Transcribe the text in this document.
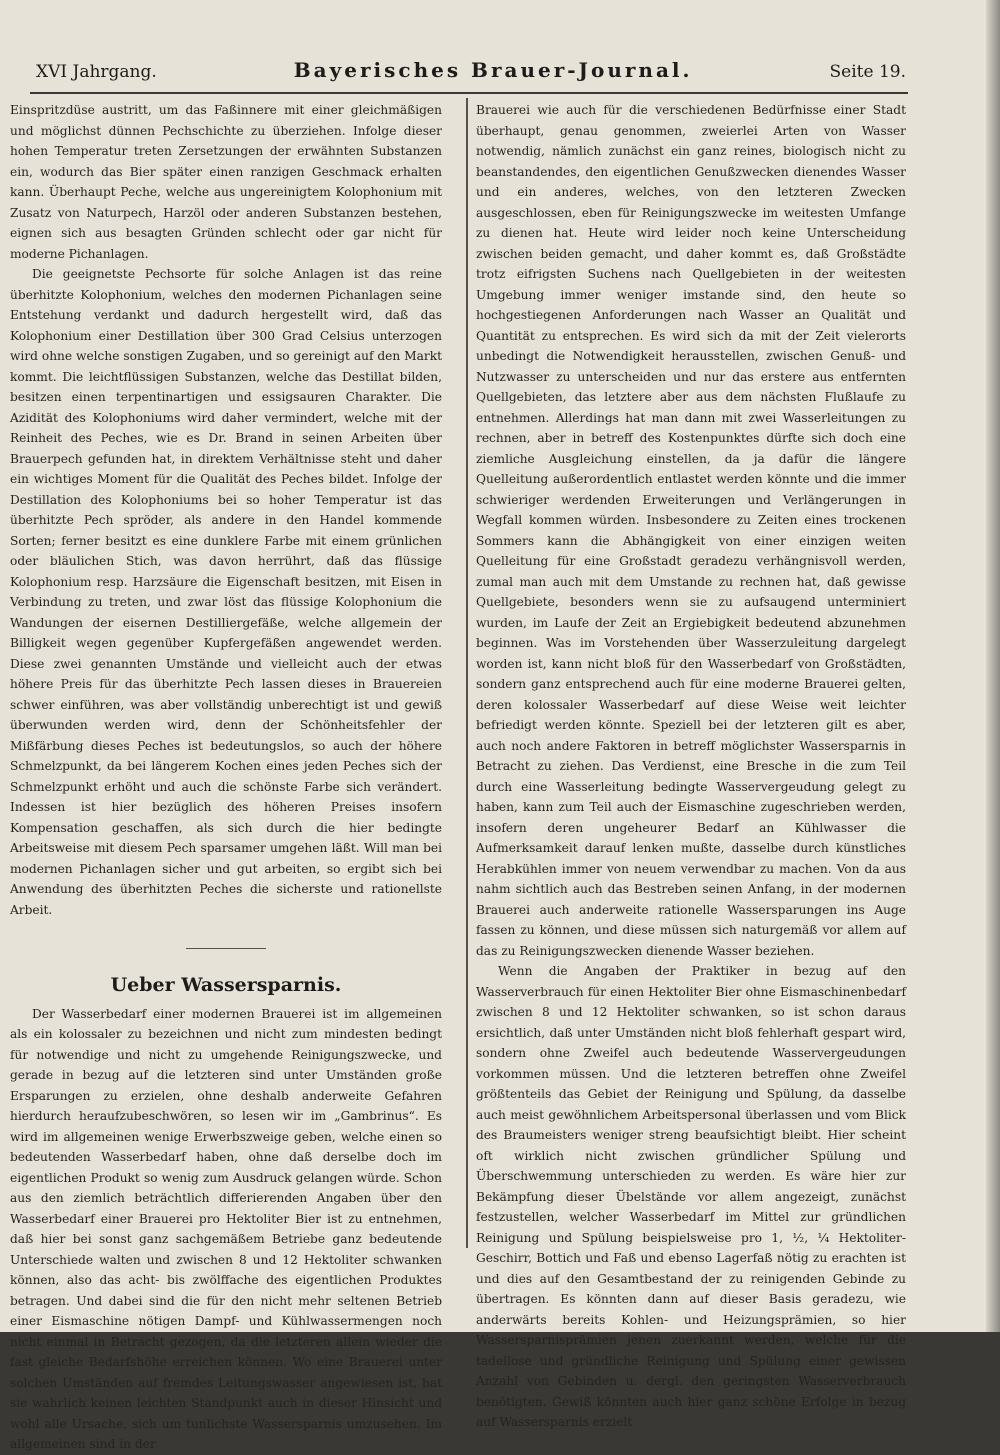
XVI Jahrgang.	Bayerisches Brauer-Journal.	Seite 19.

Einspritzdüse austritt, um das Faßinnere mit einer gleichmäßigen und möglichst dünnen Pechschichte zu überziehen. Infolge dieser hohen Temperatur treten Zersetzungen der erwähnten Substanzen ein, wodurch das Bier später einen ranzigen Geschmack erhalten kann. Überhaupt Peche, welche aus ungereinigtem Kolophonium mit Zusatz von Naturpech, Harzöl oder anderen Substanzen bestehen, eignen sich aus besagten Gründen schlecht oder gar nicht für moderne Pichanlagen.

Die geeignetste Pechsorte für solche Anlagen ist das reine überhitzte Kolophonium, welches den modernen Pichanlagen seine Entstehung verdankt und dadurch hergestellt wird, daß das Kolophonium einer Destillation über 300 Grad Celsius unterzogen wird ohne welche sonstigen Zugaben, und so gereinigt auf den Markt kommt. Die leichtflüssigen Substanzen, welche das Destillat bilden, besitzen einen terpentinartigen und essigsauren Charakter. Die Azidität des Kolophoniums wird daher vermindert, welche mit der Reinheit des Peches, wie es Dr. Brand in seinen Arbeiten über Brauerpech gefunden hat, in direktem Verhältnisse steht und daher ein wichtiges Moment für die Qualität des Peches bildet. Infolge der Destillation des Kolophoniums bei so hoher Temperatur ist das überhitzte Pech spröder, als andere in den Handel kommende Sorten; ferner besitzt es eine dunklere Farbe mit einem grünlichen oder bläulichen Stich, was davon herrührt, daß das flüssige Kolophonium resp. Harzsäure die Eigenschaft besitzen, mit Eisen in Verbindung zu treten, und zwar löst das flüssige Kolophonium die Wandungen der eisernen Destilliergefäße, welche allgemein der Billigkeit wegen gegenüber Kupfergefäßen angewendet werden. Diese zwei genannten Umstände und vielleicht auch der etwas höhere Preis für das überhitzte Pech lassen dieses in Brauereien schwer einführen, was aber vollständig unberechtigt ist und gewiß überwunden werden wird, denn der Schönheitsfehler der Mißfärbung dieses Peches ist bedeutungslos, so auch der höhere Schmelzpunkt, da bei längerem Kochen eines jeden Peches sich der Schmelzpunkt erhöht und auch die schönste Farbe sich verändert. Indessen ist hier bezüglich des höheren Preises insofern Kompensation geschaffen, als sich durch die hier bedingte Arbeitsweise mit diesem Pech sparsamer umgehen läßt. Will man bei modernen Pichanlagen sicher und gut arbeiten, so ergibt sich bei Anwendung des überhitzten Peches die sicherste und rationellste Arbeit.

Ueber Wassersparnis.

Der Wasserbedarf einer modernen Brauerei ist im allgemeinen als ein kolossaler zu bezeichnen und nicht zum mindesten bedingt für notwendige und nicht zu umgehende Reinigungszwecke, und gerade in bezug auf die letzteren sind unter Umständen große Ersparungen zu erzielen, ohne deshalb anderweite Gefahren hierdurch heraufzubeschwören, so lesen wir im „Gambrinus“. Es wird im allgemeinen wenige Erwerbszweige geben, welche einen so bedeutenden Wasserbedarf haben, ohne daß derselbe doch im eigentlichen Produkt so wenig zum Ausdruck gelangen würde. Schon aus den ziemlich beträchtlich differierenden Angaben über den Wasserbedarf einer Brauerei pro Hektoliter Bier ist zu entnehmen, daß hier bei sonst ganz sachgemäßem Betriebe ganz bedeutende Unterschiede walten und zwischen 8 und 12 Hektoliter schwanken können, also das acht- bis zwölffache des eigentlichen Produktes betragen. Und dabei sind die für den nicht mehr seltenen Betrieb einer Eismaschine nötigen Dampf- und Kühlwassermengen noch nicht einmal in Betracht gezogen, da die letzteren allein wieder die fast gleiche Bedarfshöhe erreichen können. Wo eine Brauerei unter solchen Umständen auf fremdes Leitungswasser angewiesen ist, hat sie wahrlich keinen leichten Standpunkt auch in dieser Hinsicht und wohl alle Ursache, sich um tunlichste Wassersparnis umzusehen. Im allgemeinen sind in der

Brauerei wie auch für die verschiedenen Bedürfnisse einer Stadt überhaupt, genau genommen, zweierlei Arten von Wasser notwendig, nämlich zunächst ein ganz reines, biologisch nicht zu beanstandendes, den eigentlichen Genußzwecken dienendes Wasser und ein anderes, welches, von den letzteren Zwecken ausgeschlossen, eben für Reinigungszwecke im weitesten Umfange zu dienen hat. Heute wird leider noch keine Unterscheidung zwischen beiden gemacht, und daher kommt es, daß Großstädte trotz eifrigsten Suchens nach Quellgebieten in der weitesten Umgebung immer weniger imstande sind, den heute so hochgestiegenen Anforderungen nach Wasser an Qualität und Quantität zu entsprechen. Es wird sich da mit der Zeit vielerorts unbedingt die Notwendigkeit herausstellen, zwischen Genuß- und Nutzwasser zu unterscheiden und nur das erstere aus entfernten Quellgebieten, das letztere aber aus dem nächsten Flußlaufe zu entnehmen. Allerdings hat man dann mit zwei Wasserleitungen zu rechnen, aber in betreff des Kostenpunktes dürfte sich doch eine ziemliche Ausgleichung einstellen, da ja dafür die längere Quelleitung außerordentlich entlastet werden könnte und die immer schwieriger werdenden Erweiterungen und Verlängerungen in Wegfall kommen würden. Insbesondere zu Zeiten eines trockenen Sommers kann die Abhängigkeit von einer einzigen weiten Quelleitung für eine Großstadt geradezu verhängnisvoll werden, zumal man auch mit dem Umstande zu rechnen hat, daß gewisse Quellgebiete, besonders wenn sie zu aufsaugend unterminiert wurden, im Laufe der Zeit an Ergiebigkeit bedeutend abzunehmen beginnen. Was im Vorstehenden über Wasserzuleitung dargelegt worden ist, kann nicht bloß für den Wasserbedarf von Großstädten, sondern ganz entsprechend auch für eine moderne Brauerei gelten, deren kolossaler Wasserbedarf auf diese Weise weit leichter befriedigt werden könnte. Speziell bei der letzteren gilt es aber, auch noch andere Faktoren in betreff möglichster Wassersparnis in Betracht zu ziehen. Das Verdienst, eine Bresche in die zum Teil durch eine Wasserleitung bedingte Wasservergeudung gelegt zu haben, kann zum Teil auch der Eismaschine zugeschrieben werden, insofern deren ungeheurer Bedarf an Kühlwasser die Aufmerksamkeit darauf lenken mußte, dasselbe durch künstliches Herabkühlen immer von neuem verwendbar zu machen. Von da aus nahm sichtlich auch das Bestreben seinen Anfang, in der modernen Brauerei auch anderweite rationelle Wassersparungen ins Auge fassen zu können, und diese müssen sich naturgemäß vor allem auf das zu Reinigungszwecken dienende Wasser beziehen.

Wenn die Angaben der Praktiker in bezug auf den Wasserverbrauch für einen Hektoliter Bier ohne Eismaschinenbedarf zwischen 8 und 12 Hektoliter schwanken, so ist schon daraus ersichtlich, daß unter Umständen nicht bloß fehlerhaft gespart wird, sondern ohne Zweifel auch bedeutende Wasservergeudungen vorkommen müssen. Und die letzteren betreffen ohne Zweifel größtenteils das Gebiet der Reinigung und Spülung, da dasselbe auch meist gewöhnlichem Arbeitspersonal überlassen und vom Blick des Braumeisters weniger streng beaufsichtigt bleibt. Hier scheint oft wirklich nicht zwischen gründlicher Spülung und Überschwemmung unterschieden zu werden. Es wäre hier zur Bekämpfung dieser Übelstände vor allem angezeigt, zunächst festzustellen, welcher Wasserbedarf im Mittel zur gründlichen Reinigung und Spülung beispielsweise pro 1, ½, ¼ Hektoliter-Geschirr, Bottich und Faß und ebenso Lagerfaß nötig zu erachten ist und dies auf den Gesamtbestand der zu reinigenden Gebinde zu übertragen. Es könnten dann auf dieser Basis geradezu, wie anderwärts bereits Kohlen- und Heizungsprämien, so hier Wassersparnisprämien jenen zuerkannt werden, welche für die tadellose und gründliche Reinigung und Spülung einer gewissen Anzahl von Gebinden u. dergl. den geringsten Wasserverbrauch benötigten. Gewiß könnten auch hier ganz schöne Erfolge in bezug auf Wassersparnis erzielt
